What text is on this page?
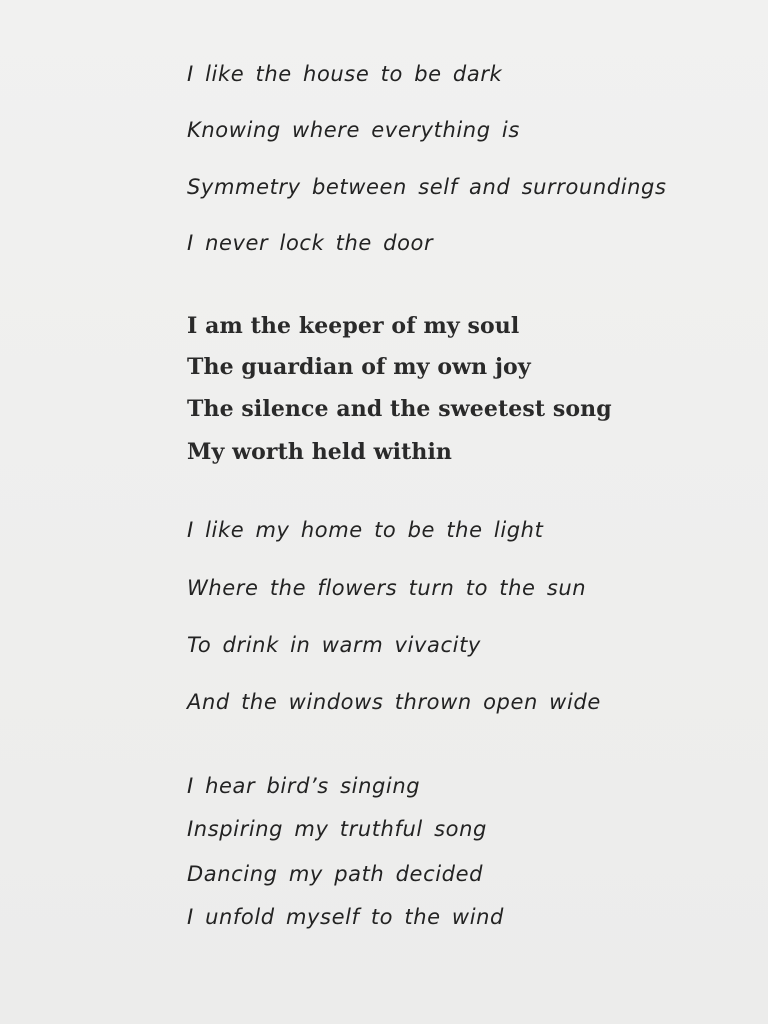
I like the house to be dark
Knowing where everything is
Symmetry between self and surroundings
I never lock the door
I am the keeper of my soul
The guardian of my own joy
The silence and the sweetest song
My worth held within
I like my home to be the light
Where the flowers turn to the sun
To drink in warm vivacity
And the windows thrown open wide
I hear bird’s singing
Inspiring my truthful song
Dancing my path decided
I unfold myself to the wind
